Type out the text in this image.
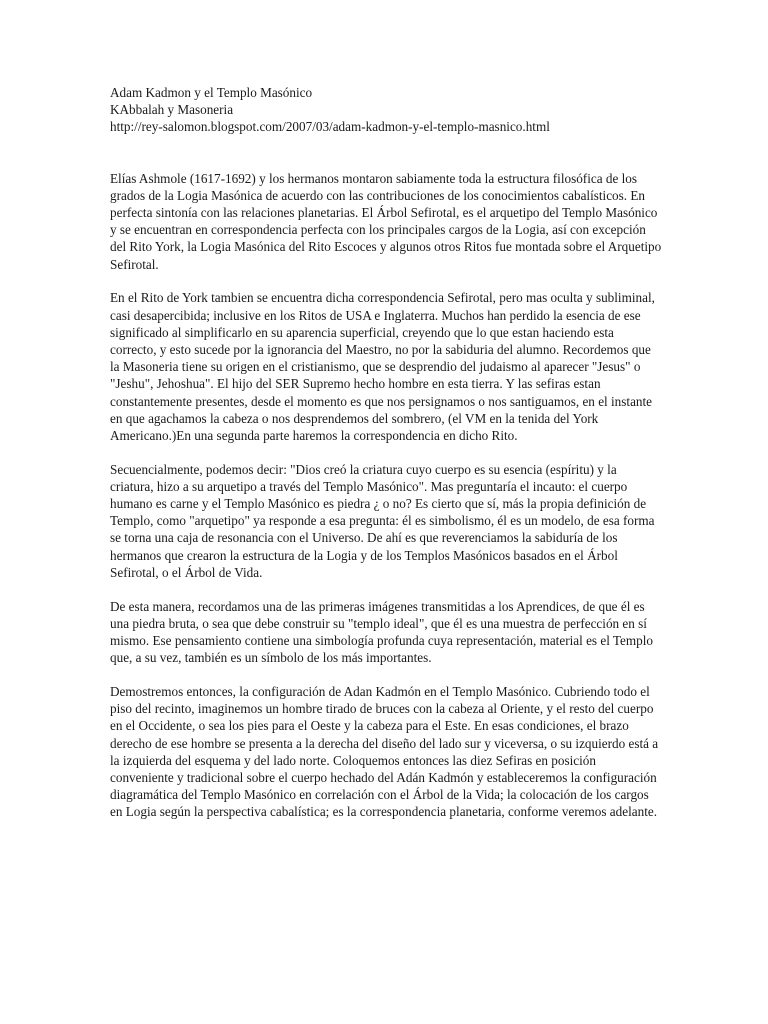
Adam Kadmon y el Templo Masónico
KAbbalah y Masoneria
http://rey-salomon.blogspot.com/2007/03/adam-kadmon-y-el-templo-masnico.html

Elías Ashmole (1617-1692) y los hermanos montaron sabiamente toda la estructura filosófica de los grados de la Logia Masónica de acuerdo con las contribuciones de los conocimientos cabalísticos. En perfecta sintonía con las relaciones planetarias. El Árbol Sefirotal, es el arquetipo del Templo Masónico y se encuentran en correspondencia perfecta con los principales cargos de la Logia, así con excepción del Rito York, la Logia Masónica del Rito Escoces y algunos otros Ritos fue montada sobre el Arquetipo Sefirotal.

En el Rito de York tambien se encuentra dicha correspondencia Sefirotal, pero mas oculta y subliminal, casi desapercibida; inclusive en los Ritos de USA e Inglaterra. Muchos han perdido la esencia de ese significado al simplificarlo en su aparencia superficial, creyendo que lo que estan haciendo esta correcto, y esto sucede por la ignorancia del Maestro, no por la sabiduria del alumno. Recordemos que la Masoneria tiene su origen en el cristianismo, que se desprendio del judaismo al aparecer "Jesus" o "Jeshu", Jehoshua". El hijo del SER Supremo hecho hombre en esta tierra. Y las sefiras estan constantemente presentes, desde el momento es que nos persignamos o nos santiguamos, en el instante en que agachamos la cabeza o nos desprendemos del sombrero, (el VM en la tenida del York Americano.)En una segunda parte haremos la correspondencia en dicho Rito.

Secuencialmente, podemos decir: "Dios creó la criatura cuyo cuerpo es su esencia (espíritu) y la criatura, hizo a su arquetipo a través del Templo Masónico". Mas preguntaría el incauto: el cuerpo humano es carne y el Templo Masónico es piedra ¿ o no? Es cierto que sí, más la propia definición de Templo, como "arquetipo" ya responde a esa pregunta: él es simbolismo, él es un modelo, de esa forma se torna una caja de resonancia con el Universo. De ahí es que reverenciamos la sabiduría de los hermanos que crearon la estructura de la Logia y de los Templos Masónicos basados en el Árbol Sefirotal, o el Árbol de Vida.

De esta manera, recordamos una de las primeras imágenes transmitidas a los Aprendices, de que él es una piedra bruta, o sea que debe construir su "templo ideal", que él es una muestra de perfección en sí mismo. Ese pensamiento contiene una simbología profunda cuya representación, material es el Templo que, a su vez, también es un símbolo de los más importantes.

Demostremos entonces, la configuración de Adan Kadmón en el Templo Masónico. Cubriendo todo el piso del recinto, imaginemos un hombre tirado de bruces con la cabeza al Oriente, y el resto del cuerpo en el Occidente, o sea los pies para el Oeste y la cabeza para el Este. En esas condiciones, el brazo derecho de ese hombre se presenta a la derecha del diseño del lado sur y viceversa, o su izquierdo está a la izquierda del esquema y del lado norte. Coloquemos entonces las diez Sefiras en posición conveniente y tradicional sobre el cuerpo hechado del Adán Kadmón y estableceremos la configuración diagramática del Templo Masónico en correlación con el Árbol de la Vida; la colocación de los cargos en Logia según la perspectiva cabalística; es la correspondencia planetaria, conforme veremos adelante.
